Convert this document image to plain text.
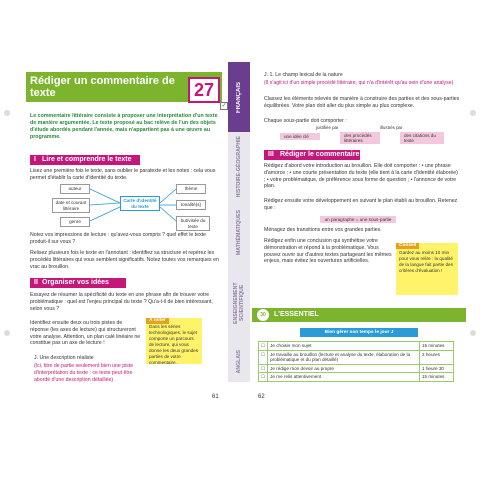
Rédiger un commentaire de texte	27
✓
Le commentaire littéraire consiste à proposer une interprétation d'un texte de manière argumentée. Le texte proposé au bac relève de l'un des objets d'étude abordés pendant l'année, mais n'appartient pas à une œuvre au programme.
I Lire et comprendre le texte
Lisez une première fois le texte, sans oublier le paratexte et les notes : cela vous permet d'établir la carte d'identité du texte.
auteur
date et courant littéraire
genre
Carte d'identité du texte
thème
tonalité(s)
but/visée du texte
Notez vos impressions de lecture : qu'avez-vous compris ? quel effet le texte produit-il sur vous ?
Relisez plusieurs fois le texte en l'annotant : identifiez sa structure et repérez les procédés littéraires qui vous semblent significatifs. Notez toutes vos remarques en vrac au brouillon.
II Organiser vos idées
Essayez de résumer la spécificité du texte en une phrase afin de trouver votre problématique : quel est l'enjeu principal du texte ? Qu'a-t-il de bien intéressant, selon vous ?
Identifiez ensuite deux ou trois pistes de réponse (les axes de lecture) qui structureront votre analyse. Attention, un plan calé linéaire ne constitue pas un axe de lecture !
J. Une description réaliste
(Ici, titre de partie seulement bien une piste d'interprétation du texte : ce texte peut être abordé d'une description détaillée)
À noter
Dans les séries technologiques, le sujet comporte un parcours de lecture, qui vous donne les deux grandes parties de votre commentaire.
61
FRANÇAIS
HISTOIRE-GÉOGRAPHIE
MATHÉMATIQUES
ENSEIGNEMENT SCIENTIFIQUE
ANGLAIS
J. 1. Le champ lexical de la nature
(Il s'agit ici d'un simple procédé littéraire, qui n'a d'intérêt qu'au sein d'une analyse)
Classez les éléments relevés de manière à construire des parties et des sous-parties équilibrées. Votre plan doit aller du plus simple au plus complexe.
Chaque sous-partie doit comporter :
justifiée par	illustrés par
une idée clé	des procédés littéraires
des citations du texte
III Rédiger le commentaire
Rédigez d'abord votre introduction au brouillon. Elle doit comporter : • une phrase d'amorce ; • une courte présentation du texte (elle tient à la carte d'identité élaborée) ; • votre problématique, de préférence sous forme de question ; • l'annonce de votre plan.
Rédigez ensuite votre développement en suivant le plan établi au brouillon. Retenez que :
un paragraphe = une sous-partie
Ménagez des transitions entre vos grandes parties.
Rédigez enfin une conclusion qui synthétise votre démonstration et répond à la problématique. Vous pouvez ouvrir sur d'autres textes partageant les mêmes enjeux, mais évitez les ouvertures artificielles.
Conseil
Gardez au moins 10 min pour vous relire : la qualité de la langue fait partie des critères d'évaluation !
30	L'ESSENTIEL
Bien gérer son temps le jour J
☐	Je choisis mon sujet	15 minutes
☐	Je travaille au brouillon (lecture et analyse du texte, élaboration de la problématique et du plan détaillé)	2 heures
☐	Je rédige mon devoir au propre	1 heure 30
☐	Je me relis attentivement	15 minutes
62
